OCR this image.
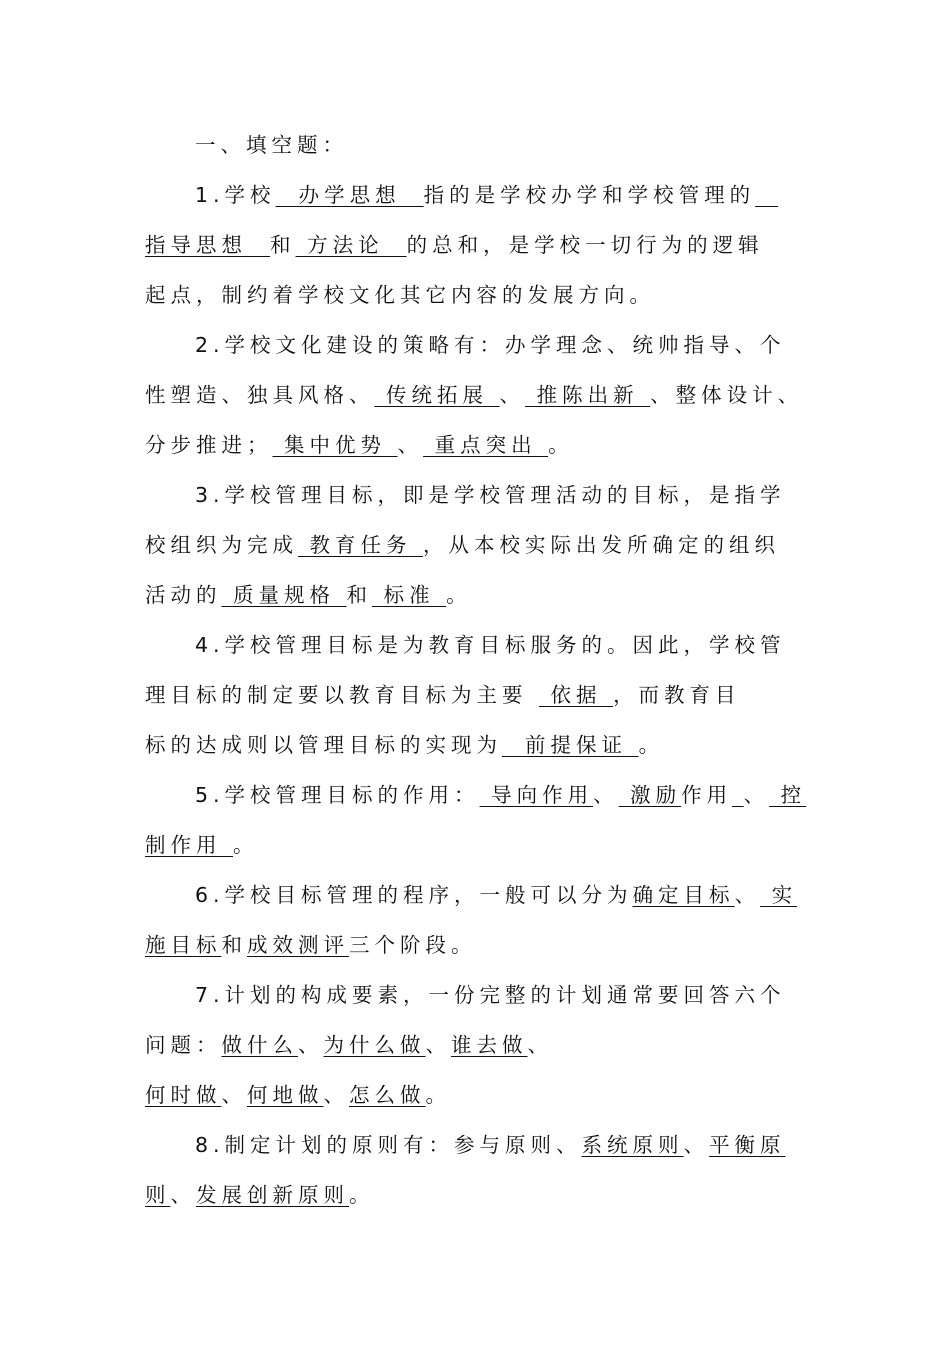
一、填空题：
1.学校  办学思想  指的是学校办学和学校管理的
指导思想  和 方法论  的总和，是学校一切行为的逻辑
起点，制约着学校文化其它内容的发展方向。
2.学校文化建设的策略有：办学理念、统帅指导、个
性塑造、独具风格、 传统拓展 、 推陈出新 、整体设计、
分步推进； 集中优势 、 重点突出 。
3.学校管理目标，即是学校管理活动的目标，是指学
校组织为完成 教育任务 ，从本校实际出发所确定的组织
活动的 质量规格 和 标准 。
4.学校管理目标是为教育目标服务的。因此，学校管
理目标的制定要以教育目标为主要  依据 ，而教育目
标的达成则以管理目标的实现为  前提保证 。
5.学校管理目标的作用： 导向作用、 激励作用 、 控
制作用 。
6.学校目标管理的程序，一般可以分为确定目标、 实
施目标和成效测评三个阶段。
7.计划的构成要素，一份完整的计划通常要回答六个
问题：做什么、为什么做、谁去做、
何时做、何地做、怎么做。
8.制定计划的原则有：参与原则、系统原则、平衡原
则、发展创新原则。
